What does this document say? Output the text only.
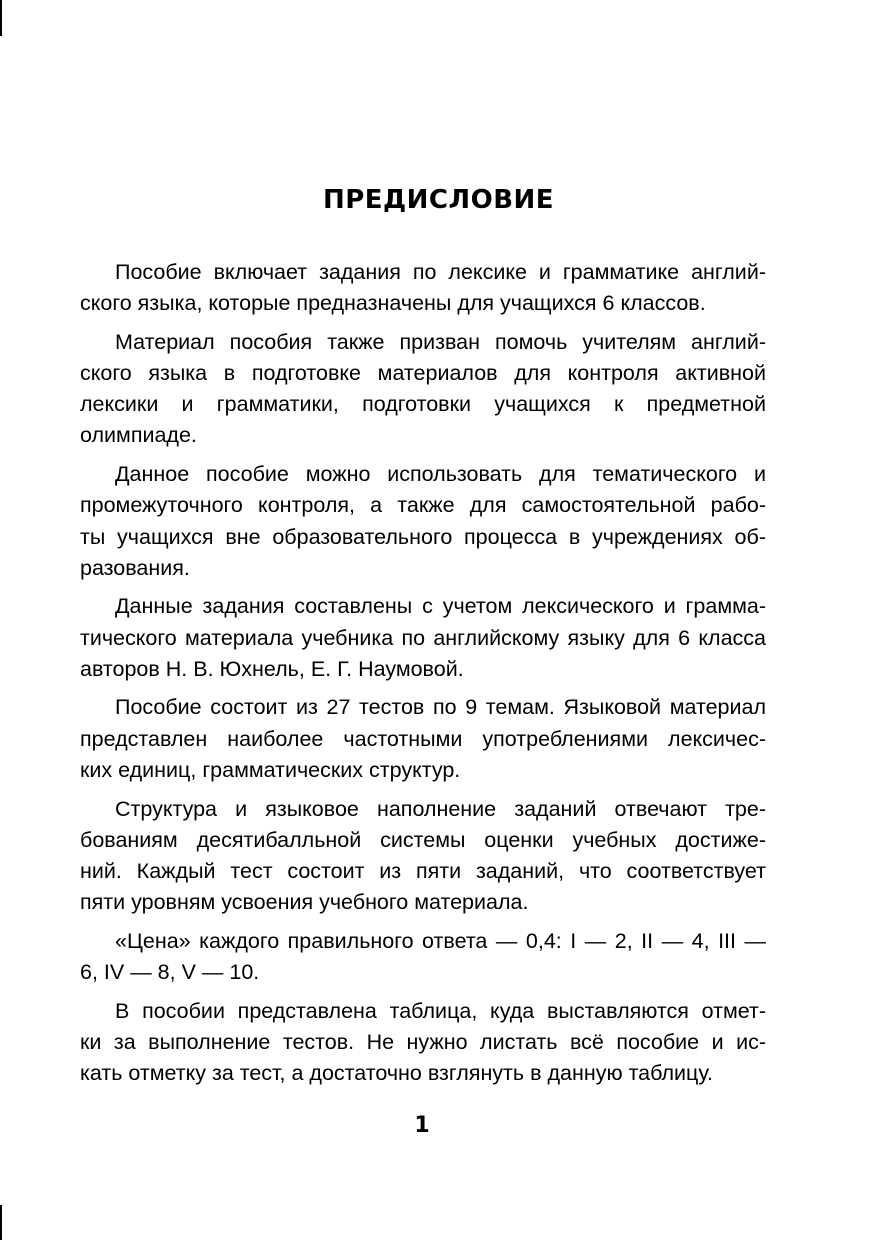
ПРЕДИСЛОВИЕ
Пособие включает задания по лексике и грамматике англий-
ского языка, которые предназначены для учащихся 6 классов.
Материал пособия также призван помочь учителям англий-
ского языка в подготовке материалов для контроля активной
лексики и грамматики, подготовки учащихся к предметной
олимпиаде.
Данное пособие можно использовать для тематического и
промежуточного контроля, а также для самостоятельной рабо-
ты учащихся вне образовательного процесса в учреждениях об-
разования.
Данные задания составлены с учетом лексического и грамма-
тического материала учебника по английскому языку для 6 класса
авторов Н. В. Юхнель, Е. Г. Наумовой.
Пособие состоит из 27 тестов по 9 темам. Языковой материал
представлен наиболее частотными употреблениями лексичес-
ких единиц, грамматических структур.
Структура и языковое наполнение заданий отвечают тре-
бованиям десятибалльной системы оценки учебных достиже-
ний. Каждый тест состоит из пяти заданий, что соответствует
пяти уровням усвоения учебного материала.
«Цена» каждого правильного ответа — 0,4: I — 2, II — 4, III —
6, IV — 8, V — 10.
В пособии представлена таблица, куда выставляются отмет-
ки за выполнение тестов. Не нужно листать всё пособие и ис-
кать отметку за тест, а достаточно взглянуть в данную таблицу.
1
